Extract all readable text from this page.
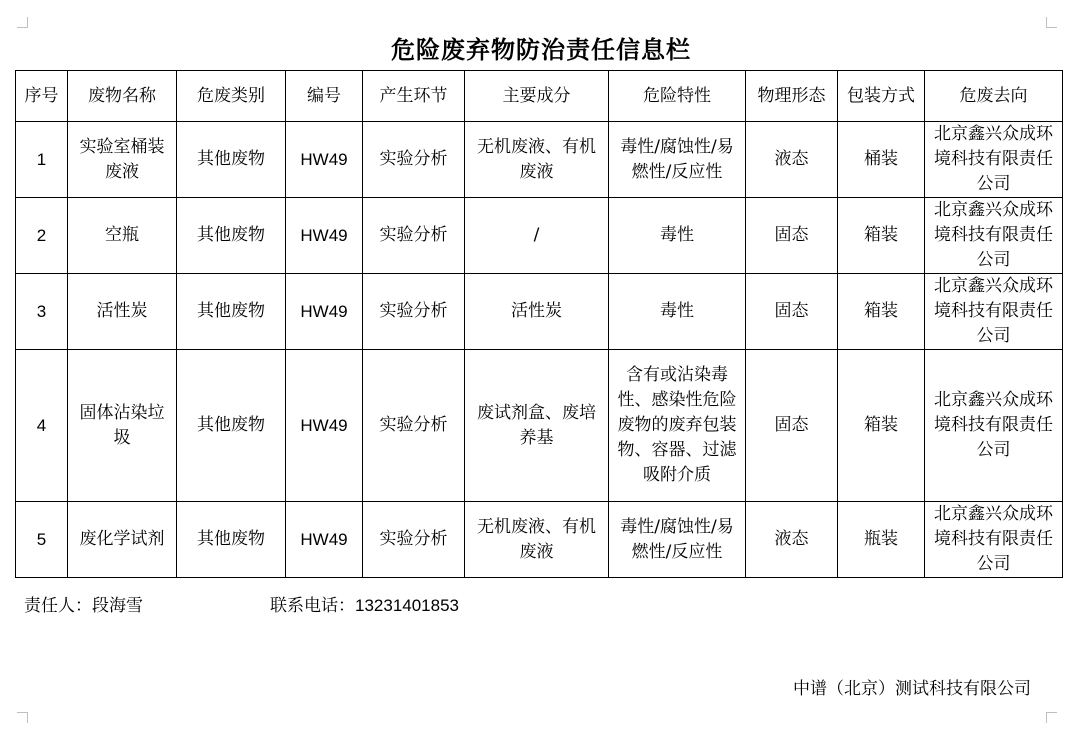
危险废弃物防治责任信息栏
序号	废物名称	危废类别	编号	产生环节	主要成分	危险特性	物理形态	包装方式	危废去向
1	实验室桶装废液	其他废物	HW49	实验分析	无机废液、有机废液	毒性/腐蚀性/易燃性/反应性	液态	桶装	北京鑫兴众成环境科技有限责任公司
2	空瓶	其他废物	HW49	实验分析	/	毒性	固态	箱装	北京鑫兴众成环境科技有限责任公司
3	活性炭	其他废物	HW49	实验分析	活性炭	毒性	固态	箱装	北京鑫兴众成环境科技有限责任公司
4	固体沾染垃圾	其他废物	HW49	实验分析	废试剂盒、废培养基	含有或沾染毒性、感染性危险废物的废弃包装物、容器、过滤吸附介质	固态	箱装	北京鑫兴众成环境科技有限责任公司
5	废化学试剂	其他废物	HW49	实验分析	无机废液、有机废液	毒性/腐蚀性/易燃性/反应性	液态	瓶装	北京鑫兴众成环境科技有限责任公司
责任人：段海雪	联系电话：13231401853
中谱（北京）测试科技有限公司
